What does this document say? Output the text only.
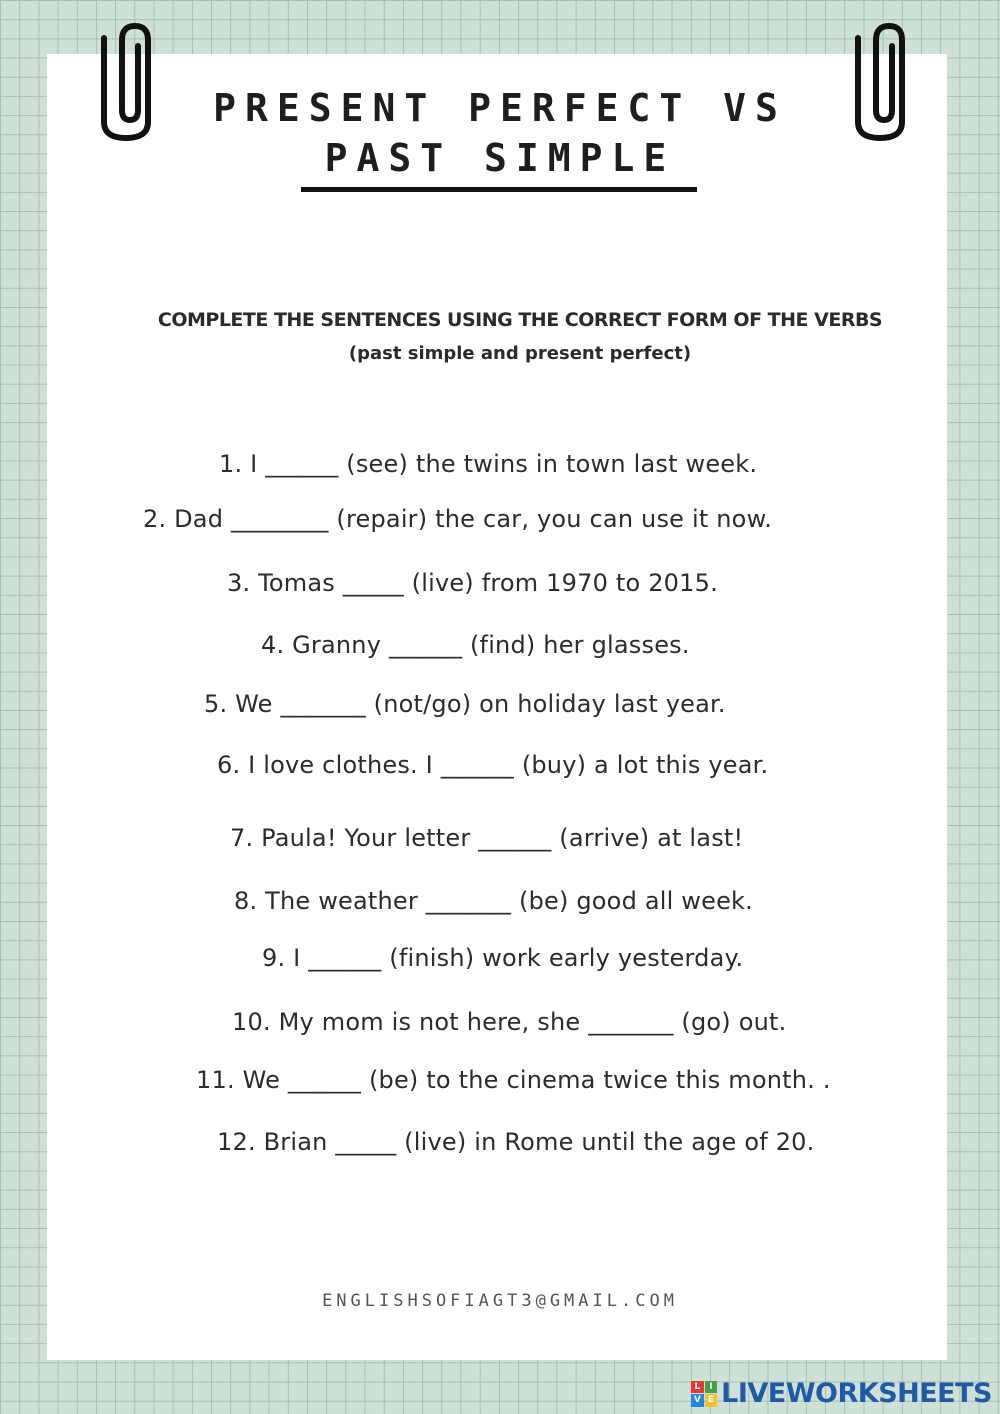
PRESENT PERFECT VS
PAST SIMPLE

COMPLETE THE SENTENCES USING THE CORRECT FORM OF THE VERBS

(past simple and present perfect)

1. I ______ (see) the twins in town last week.

2. Dad ________ (repair) the car, you can use it now.

3. Tomas _____ (live) from 1970 to 2015.

4. Granny ______ (find) her glasses.

5. We _______ (not/go) on holiday last year.

6. I love clothes. I ______ (buy) a lot this year.

7. Paula! Your letter ______ (arrive) at last!

8. The weather _______ (be) good all week.

9. I ______ (finish) work early yesterday.

10. My mom is not here, she _______ (go) out.

11. We ______ (be) to the cinema twice this month. .

12. Brian _____ (live) in Rome until the age of 20.

ENGLISHSOFIAGT3@GMAIL.COM

L I
V E LIVEWORKSHEETS
